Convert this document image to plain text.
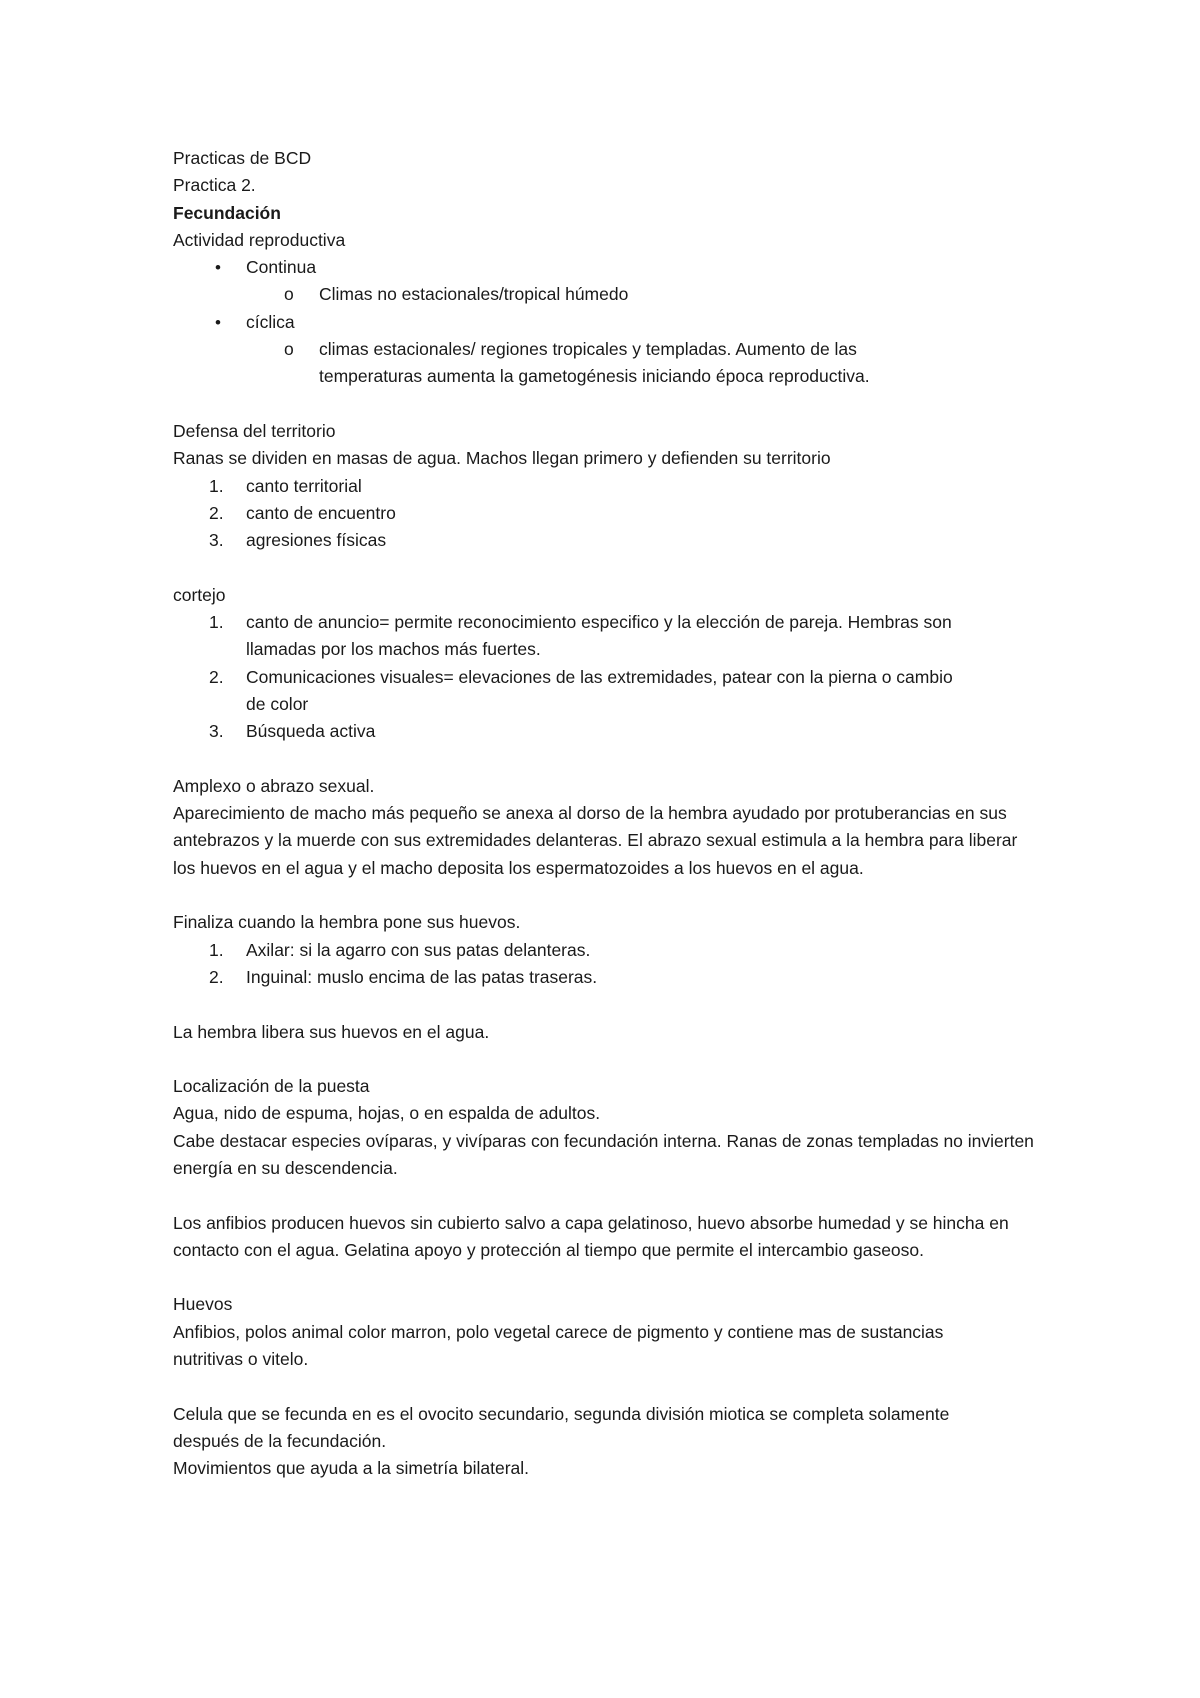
Practicas de BCD
Practica 2.
Fecundación
Actividad reproductiva
• Continua
o Climas no estacionales/tropical húmedo
• cíclica
o climas estacionales/ regiones tropicales y templadas. Aumento de las temperaturas aumenta la gametogénesis iniciando época reproductiva.
Defensa del territorio
Ranas se dividen en masas de agua. Machos llegan primero y defienden su territorio
1. canto territorial
2. canto de encuentro
3. agresiones físicas
cortejo
1. canto de anuncio= permite reconocimiento especifico y la elección de pareja. Hembras son llamadas por los machos más fuertes.
2. Comunicaciones visuales= elevaciones de las extremidades, patear con la pierna o cambio de color
3. Búsqueda activa
Amplexo o abrazo sexual.
Aparecimiento de macho más pequeño se anexa al dorso de la hembra ayudado por protuberancias en sus antebrazos y la muerde con sus extremidades delanteras. El abrazo sexual estimula a la hembra para liberar los huevos en el agua y el macho deposita los espermatozoides a los huevos en el agua.
Finaliza cuando la hembra pone sus huevos.
1. Axilar: si la agarro con sus patas delanteras.
2. Inguinal: muslo encima de las patas traseras.
La hembra libera sus huevos en el agua.
Localización de la puesta
Agua, nido de espuma, hojas, o en espalda de adultos.
Cabe destacar especies ovíparas, y vivíparas con fecundación interna. Ranas de zonas templadas no invierten energía en su descendencia.
Los anfibios producen huevos sin cubierto salvo a capa gelatinoso, huevo absorbe humedad y se hincha en contacto con el agua. Gelatina apoyo y protección al tiempo que permite el intercambio gaseoso.
Huevos
Anfibios, polos animal color marron, polo vegetal carece de pigmento y contiene mas de sustancias nutritivas o vitelo.
Celula que se fecunda en es el ovocito secundario, segunda división miotica se completa solamente después de la fecundación.
Movimientos que ayuda a la simetría bilateral.
